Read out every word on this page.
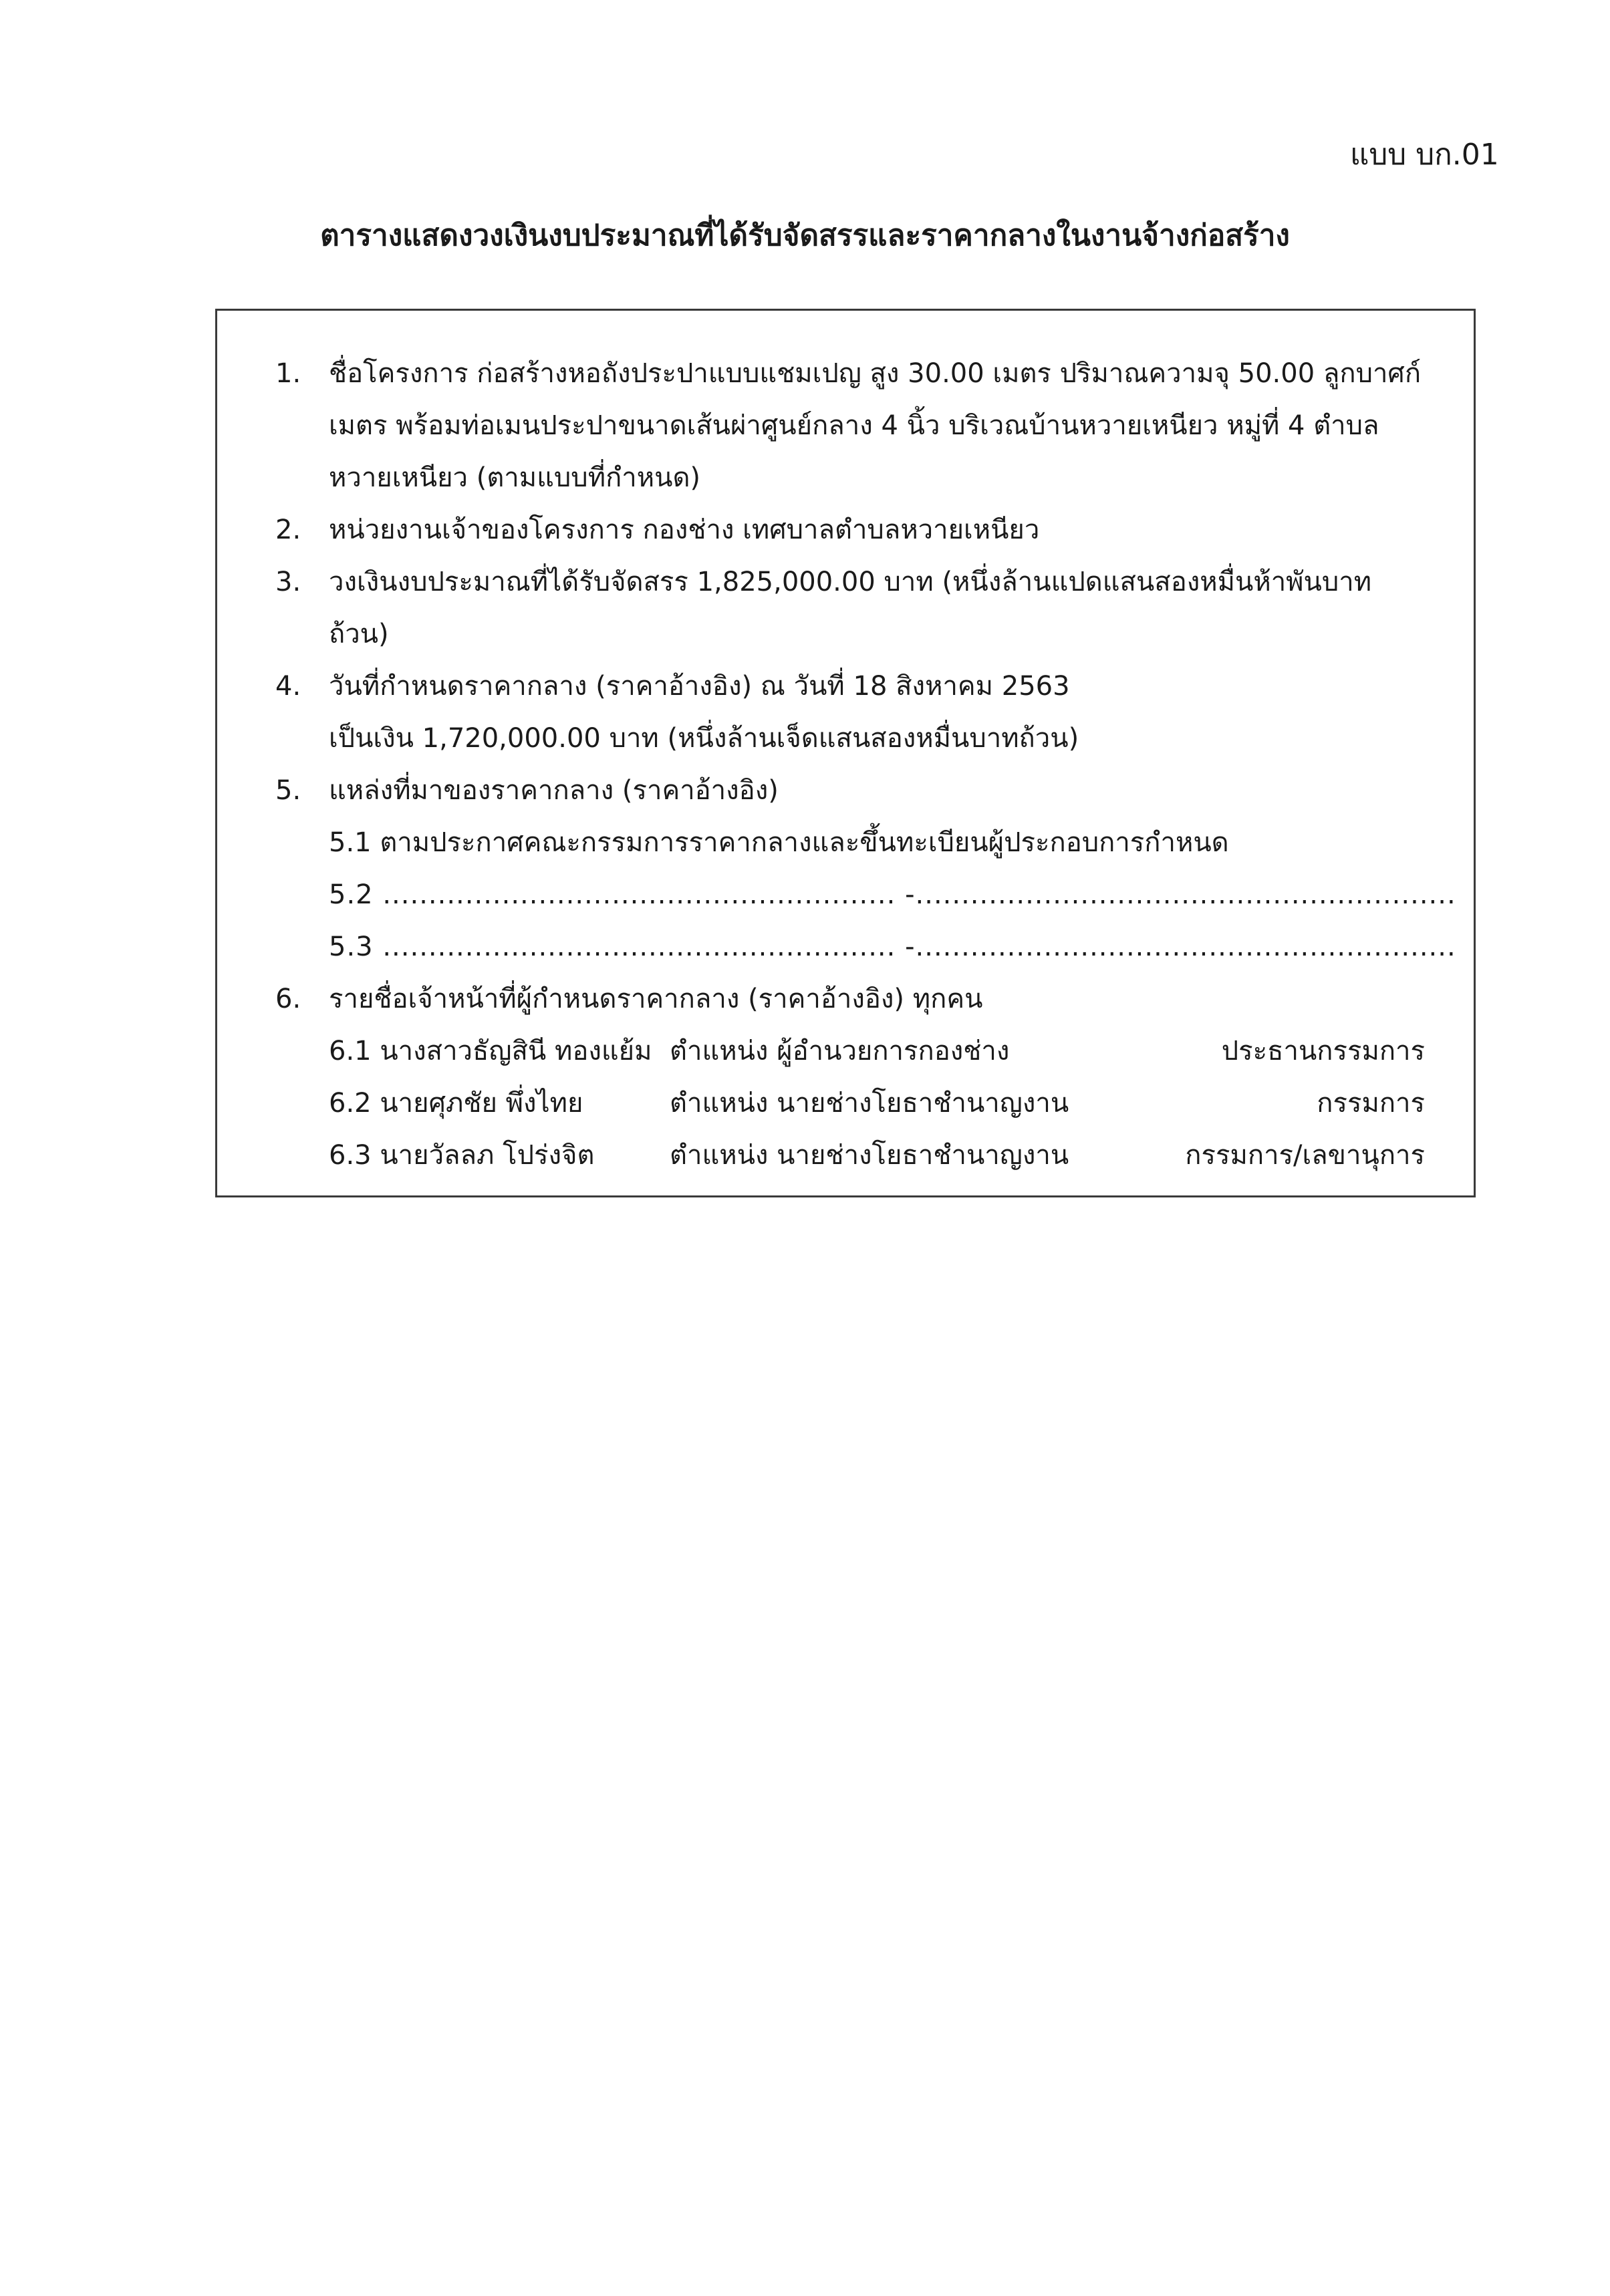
แบบ บก.01
ตารางแสดงวงเงินงบประมาณที่ได้รับจัดสรรและราคากลางในงานจ้างก่อสร้าง
1.	ชื่อโครงการ ก่อสร้างหอถังประปาแบบแชมเปญ สูง 30.00 เมตร ปริมาณความจุ 50.00 ลูกบาศก์เมตร พร้อมท่อเมนประปาขนาดเส้นผ่าศูนย์กลาง 4 นิ้ว บริเวณบ้านหวายเหนียว หมู่ที่ 4 ตำบลหวายเหนียว (ตามแบบที่กำหนด)
2.	หน่วยงานเจ้าของโครงการ กองช่าง เทศบาลตำบลหวายเหนียว
3.	วงเงินงบประมาณที่ได้รับจัดสรร 1,825,000.00 บาท (หนึ่งล้านแปดแสนสองหมื่นห้าพันบาทถ้วน)
4.	วันที่กำหนดราคากลาง (ราคาอ้างอิง) ณ วันที่ 18 สิงหาคม 2563
เป็นเงิน 1,720,000.00 บาท (หนึ่งล้านเจ็ดแสนสองหมื่นบาทถ้วน)
5.	แหล่งที่มาของราคากลาง (ราคาอ้างอิง)
5.1 ตามประกาศคณะกรรมการราคากลางและขึ้นทะเบียนผู้ประกอบการกำหนด
5.2 ........................................................ -........................................................... 5.3 ........................................................ -...........................................................
6.	รายชื่อเจ้าหน้าที่ผู้กำหนดราคากลาง (ราคาอ้างอิง) ทุกคน
6.1 นางสาวธัญสินี ทองแย้ม ตำแหน่ง ผู้อำนวยการกองช่าง	ประธานกรรมการ
6.2 นายศุภชัย พึ่งไทย	ตำแหน่ง นายช่างโยธาชำนาญงาน	กรรมการ
6.3 นายวัลลภ โปร่งจิต	ตำแหน่ง นายช่างโยธาชำนาญงาน	กรรมการ/เลขานุการ
